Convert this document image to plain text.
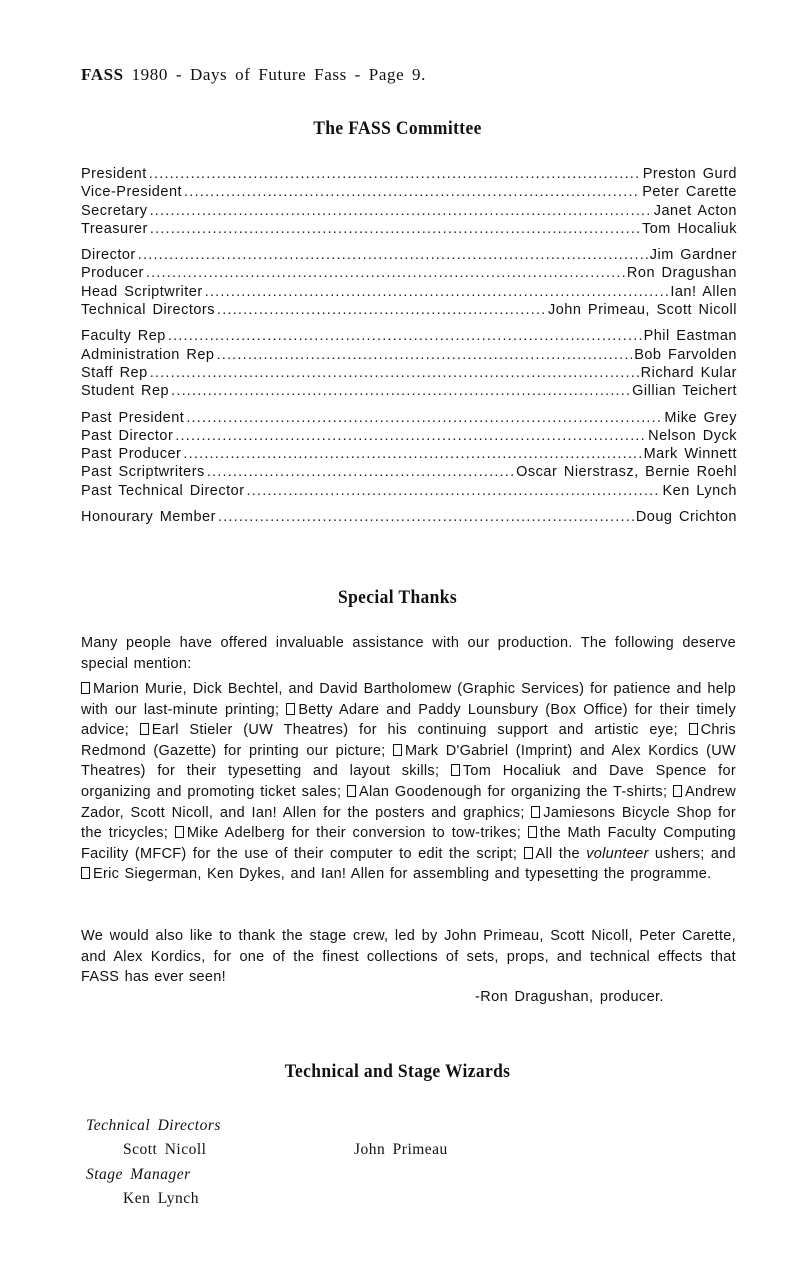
FASS 1980 - Days of Future Fass - Page 9.
The FASS Committee
President .....	Preston Gurd
Vice-President .....	Peter Carette
Secretary .....	Janet Acton
Treasurer .....	Tom Hocaliuk
Director .....	Jim Gardner
Producer .....	Ron Dragushan
Head Scriptwriter .....	Ian! Allen
Technical Directors .....	John Primeau, Scott Nicoll
Faculty Rep .....	Phil Eastman
Administration Rep .....	Bob Farvolden
Staff Rep .....	Richard Kular
Student Rep .....	Gillian Teichert
Past President .....	Mike Grey
Past Director .....	Nelson Dyck
Past Producer .....	Mark Winnett
Past Scriptwriters .....	Oscar Nierstrasz, Bernie Roehl
Past Technical Director .....	Ken Lynch
Honourary Member .....	Doug Crichton
Special Thanks
Many people have offered invaluable assistance with our production. The following deserve special mention:
Marion Murie, Dick Bechtel, and David Bartholomew (Graphic Services) for patience and help with our last-minute printing; Betty Adare and Paddy Lounsbury (Box Office) for their timely advice; Earl Stieler (UW Theatres) for his continuing support and artistic eye; Chris Redmond (Gazette) for printing our picture; Mark D'Gabriel (Imprint) and Alex Kordics (UW Theatres) for their typesetting and layout skills; Tom Hocaliuk and Dave Spence for organizing and promoting ticket sales; Alan Goodenough for organizing the T-shirts; Andrew Zador, Scott Nicoll, and Ian! Allen for the posters and graphics; Jamiesons Bicycle Shop for the tricycles; Mike Adelberg for their conversion to tow-trikes; the Math Faculty Computing Facility (MFCF) for the use of their computer to edit the script; All the volunteer ushers; and Eric Siegerman, Ken Dykes, and Ian! Allen for assembling and typesetting the programme.
We would also like to thank the stage crew, led by John Primeau, Scott Nicoll, Peter Carette, and Alex Kordics, for one of the finest collections of sets, props, and technical effects that FASS has ever seen!
-Ron Dragushan, producer.
Technical and Stage Wizards
Technical Directors
Scott Nicoll	John Primeau
Stage Manager
Ken Lynch
